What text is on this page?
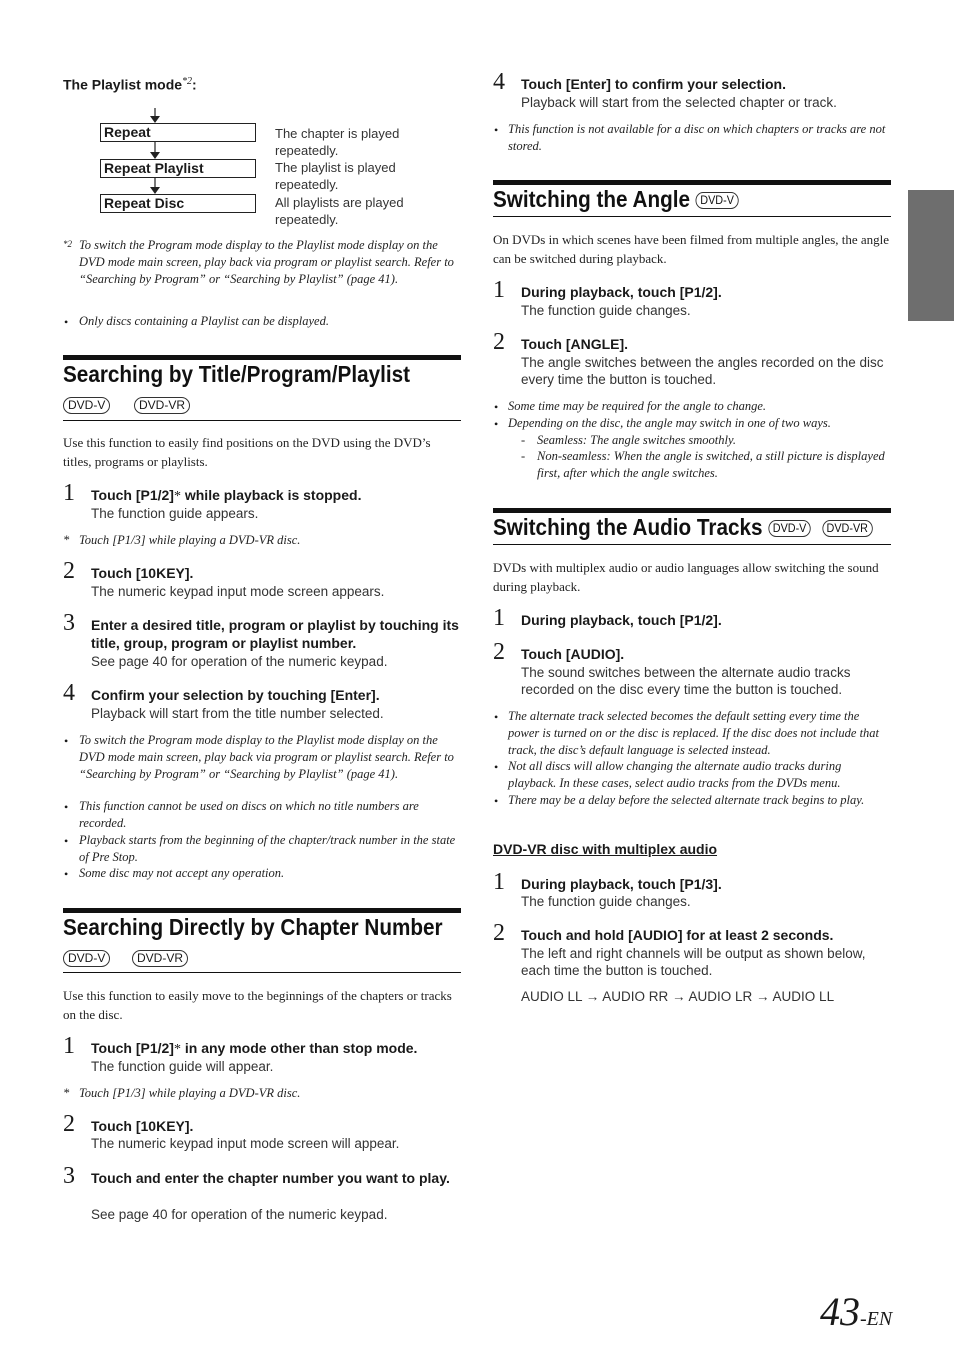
The Playlist mode$^{*2}$:
Repeat
Repeat Playlist
Repeat Disc
The chapter is played repeatedly.
The playlist is played repeatedly.
All playlists are played repeatedly.
$^{*2}$ To switch the Program mode display to the Playlist mode display on the DVD mode main screen, play back via program or playlist search. Refer to “Searching by Program” or “Searching by Playlist” (page 41).
• Only discs containing a Playlist can be displayed.
Searching by Title/Program/Playlist
DVD-V	DVD-VR
Use this function to easily find positions on the DVD using the DVD’s titles, programs or playlists.
1 Touch [P1/2]* while playback is stopped.
The function guide appears.
* Touch [P1/3] while playing a DVD-VR disc.
2 Touch [10KEY].
The numeric keypad input mode screen appears.
3 Enter a desired title, program or playlist by touching its title, group, program or playlist number.
See page 40 for operation of the numeric keypad.
4 Confirm your selection by touching [Enter].
Playback will start from the title number selected.
• To switch the Program mode display to the Playlist mode display on the DVD mode main screen, play back via program or playlist search. Refer to “Searching by Program” or “Searching by Playlist” (page 41).
• This function cannot be used on discs on which no title numbers are recorded.
• Playback starts from the beginning of the chapter/track number in the state of Pre Stop.
• Some disc may not accept any operation.
Searching Directly by Chapter Number
DVD-V	DVD-VR
Use this function to easily move to the beginnings of the chapters or tracks on the disc.
1 Touch [P1/2]* in any mode other than stop mode.
The function guide will appear.
* Touch [P1/3] while playing a DVD-VR disc.
2 Touch [10KEY].
The numeric keypad input mode screen will appear.
3 Touch and enter the chapter number you want to play.
See page 40 for operation of the numeric keypad.
4 Touch [Enter] to confirm your selection.
Playback will start from the selected chapter or track.
• This function is not available for a disc on which chapters or tracks are not stored.
Switching the Angle DVD-V
On DVDs in which scenes have been filmed from multiple angles, the angle can be switched during playback.
1 During playback, touch [P1/2].
The function guide changes.
2 Touch [ANGLE].
The angle switches between the angles recorded on the disc every time the button is touched.
• Some time may be required for the angle to change.
• Depending on the disc, the angle may switch in one of two ways.
- Seamless: The angle switches smoothly.
- Non-seamless: When the angle is switched, a still picture is displayed first, after which the angle switches.
Switching the Audio Tracks DVD-V DVD-VR
DVDs with multiplex audio or audio languages allow switching the sound during playback.
1 During playback, touch [P1/2].
2 Touch [AUDIO].
The sound switches between the alternate audio tracks recorded on the disc every time the button is touched.
• The alternate track selected becomes the default setting every time the power is turned on or the disc is replaced. If the disc does not include that track, the disc’s default language is selected instead.
• Not all discs will allow changing the alternate audio tracks during playback. In these cases, select audio tracks from the DVDs menu.
• There may be a delay before the selected alternate track begins to play.
DVD-VR disc with multiplex audio
1 During playback, touch [P1/3].
The function guide changes.
2 Touch and hold [AUDIO] for at least 2 seconds.
The left and right channels will be output as shown below, each time the button is touched.
AUDIO LL → AUDIO RR → AUDIO LR → AUDIO LL
43-EN
